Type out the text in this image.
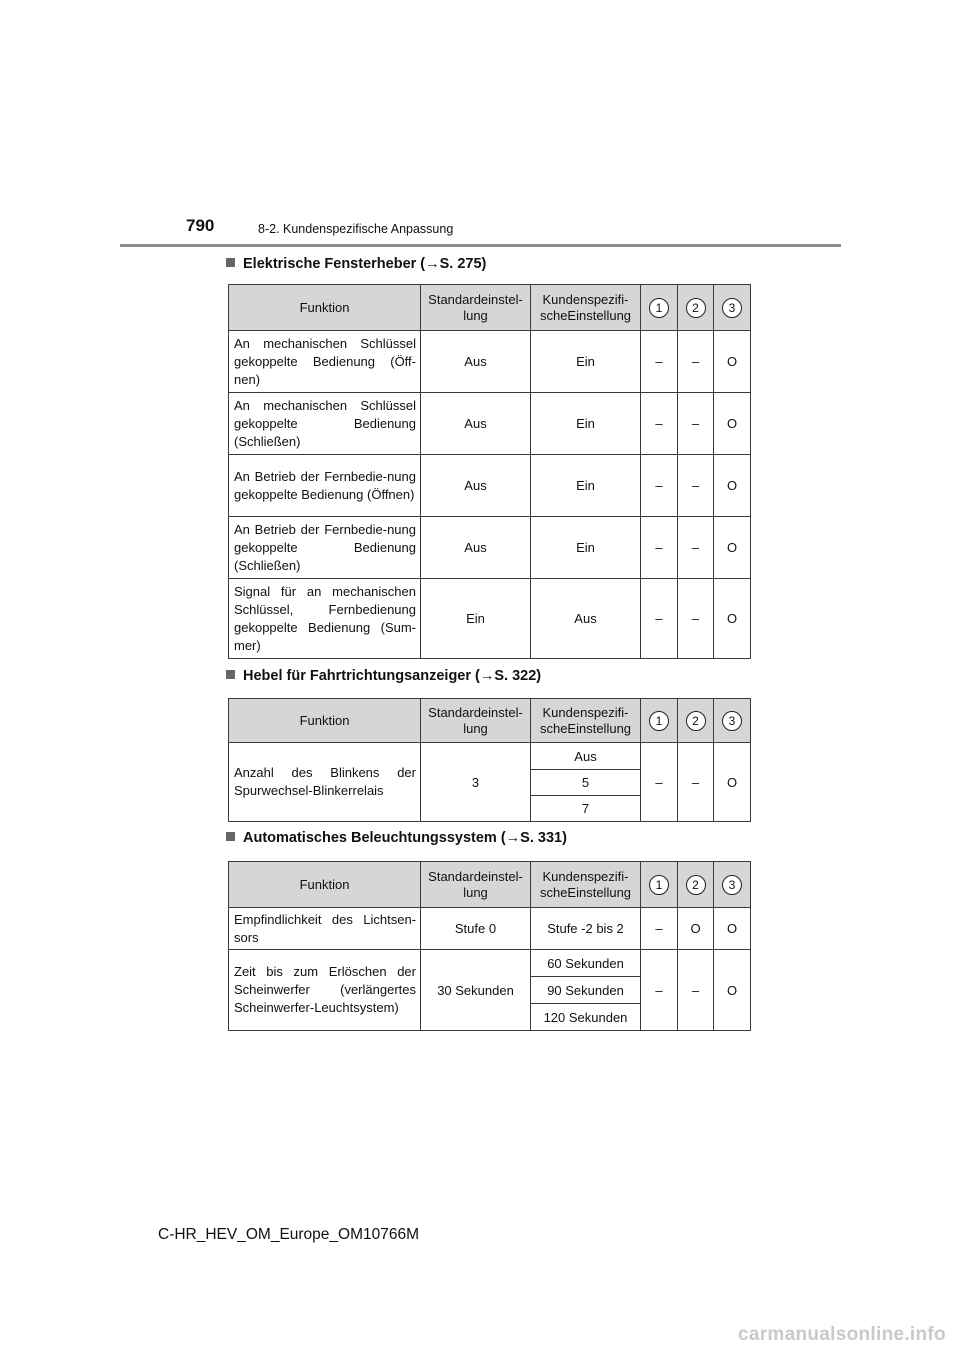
790	8-2. Kundenspezifische Anpassung
Elektrische Fensterheber (→S. 275)
Funktion	Standardeinstel-lung	Kundenspezifi-scheEinstellung	1	2	3
An mechanischen Schlüssel gekoppelte Bedienung (Öff-nen)	Aus	Ein	–	–	O
An mechanischen Schlüssel gekoppelte Bedienung (Schließen)	Aus	Ein	–	–	O
An Betrieb der Fernbedie-nung gekoppelte Bedienung (Öffnen)	Aus	Ein	–	–	O
An Betrieb der Fernbedie-nung gekoppelte Bedienung (Schließen)	Aus	Ein	–	–	O
Signal für an mechanischen Schlüssel, Fernbedienung gekoppelte Bedienung (Sum-mer)	Ein	Aus	–	–	O
Hebel für Fahrtrichtungsanzeiger (→S. 322)
Funktion	Standardeinstel-lung	Kundenspezifi-scheEinstellung	1	2	3
Anzahl des Blinkens der Spurwechsel-Blinkerrelais	3	Aus	–	–	O
		5			
		7			
Automatisches Beleuchtungssystem (→S. 331)
Funktion	Standardeinstel-lung	Kundenspezifi-scheEinstellung	1	2	3
Empfindlichkeit des Lichtsen-sors	Stufe 0	Stufe -2 bis 2	–	O	O
Zeit bis zum Erlöschen der Scheinwerfer (verlängertes Scheinwerfer-Leuchtsystem)	30 Sekunden	60 Sekunden	–	–	O
		90 Sekunden			
		120 Sekunden			
C-HR_HEV_OM_Europe_OM10766M
carmanualsonline.info
